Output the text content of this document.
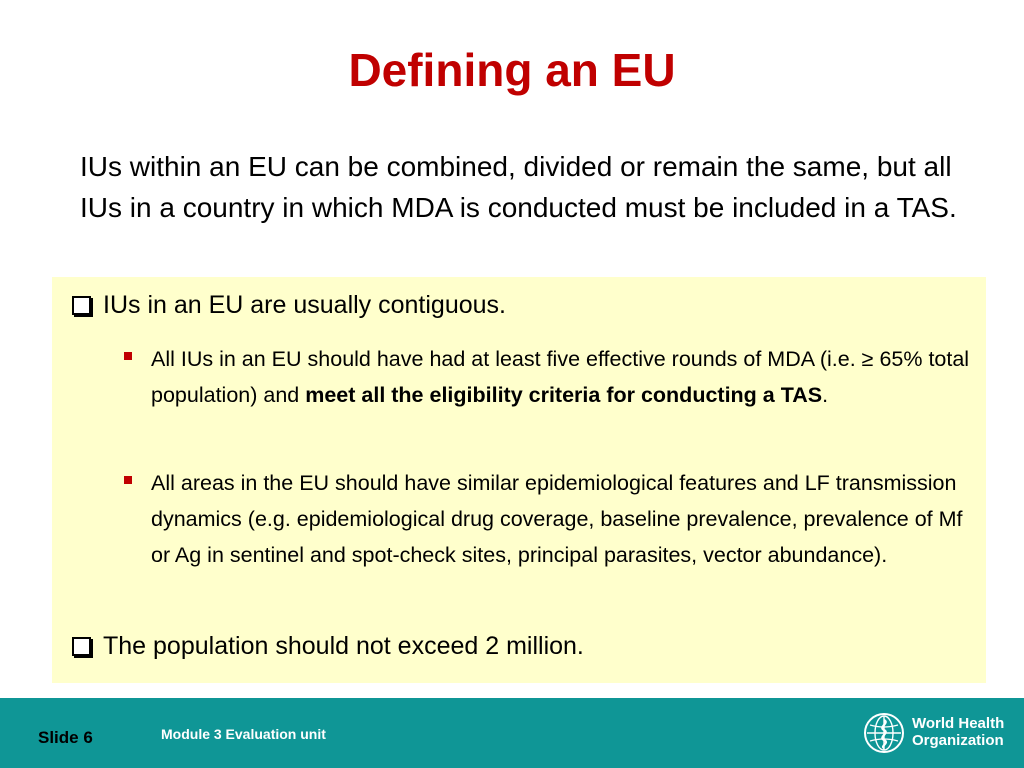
Defining an EU
IUs within an EU can be combined, divided or remain the same, but all IUs in a country in which MDA is conducted must be included in a TAS.
IUs in an EU are usually contiguous.
All IUs in an EU should have had at least five effective rounds of MDA (i.e. ≥ 65% total population) and meet all the eligibility criteria for conducting a TAS.
All areas in the EU should have similar epidemiological features and LF transmission dynamics (e.g. epidemiological drug coverage, baseline prevalence, prevalence of Mf or Ag in sentinel and spot-check sites, principal parasites, vector abundance).
The population should not exceed 2 million.
Slide 6	Module 3 Evaluation unit
World Health
Organization
